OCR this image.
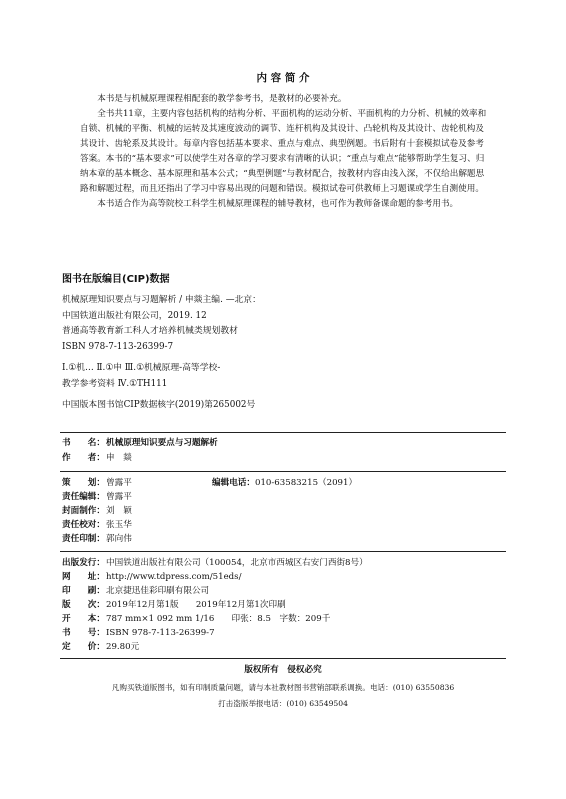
内 容 简 介

本书是与机械原理课程相配套的教学参考书，是教材的必要补充。

全书共11章，主要内容包括机构的结构分析、平面机构的运动分析、平面机构的力分析、机械的效率和自锁、机械的平衡、机械的运转及其速度波动的调节、连杆机构及其设计、凸轮机构及其设计、齿轮机构及其设计、齿轮系及其设计。每章内容包括基本要求、重点与难点、典型例题。书后附有十套模拟试卷及参考答案。本书的“基本要求”可以使学生对各章的学习要求有清晰的认识；“重点与难点”能够帮助学生复习、归纳本章的基本概念、基本原理和基本公式；“典型例题”与教材配合，按教材内容由浅入深，不仅给出解题思路和解题过程，而且还指出了学习中容易出现的问题和错误。模拟试卷可供教师上习题课或学生自测使用。

本书适合作为高等院校工科学生机械原理课程的辅导教材，也可作为教师备课命题的参考用书。

图书在版编目(CIP)数据
机械原理知识要点与习题解析 / 申燚主编. —北京：
中国铁道出版社有限公司，2019. 12
普通高等教育新工科人才培养机械类规划教材
ISBN 978-7-113-26399-7
Ⅰ.①机… Ⅱ.①申 Ⅲ.①机械原理-高等学校-
教学参考资料 Ⅳ.①TH111
中国版本图书馆CIP数据核字(2019)第265002号
书　　名：机械原理知识要点与习题解析
作　　者：申　燚
策　　划：曾露平	编辑电话：010-63583215（2091）
责任编辑：曾露平
封面制作：刘　颖
责任校对：张玉华
责任印制：郭向伟
出版发行：中国铁道出版社有限公司（100054，北京市西城区右安门西街8号）
网　　址：http://www.tdpress.com/51eds/
印　　刷：北京捷迅佳彩印刷有限公司
版　　次：2019年12月第1版　　2019年12月第1次印刷
开　　本：787 mm×1 092 mm 1/16　　印张：8.5　字数：209千
书　　号：ISBN 978-7-113-26399-7
定　　价：29.80元
版权所有　侵权必究
凡购买铁道版图书，如有印制质量问题，请与本社教材图书营销部联系调换。电话：(010) 63550836
打击盗版举报电话：(010) 63549504
